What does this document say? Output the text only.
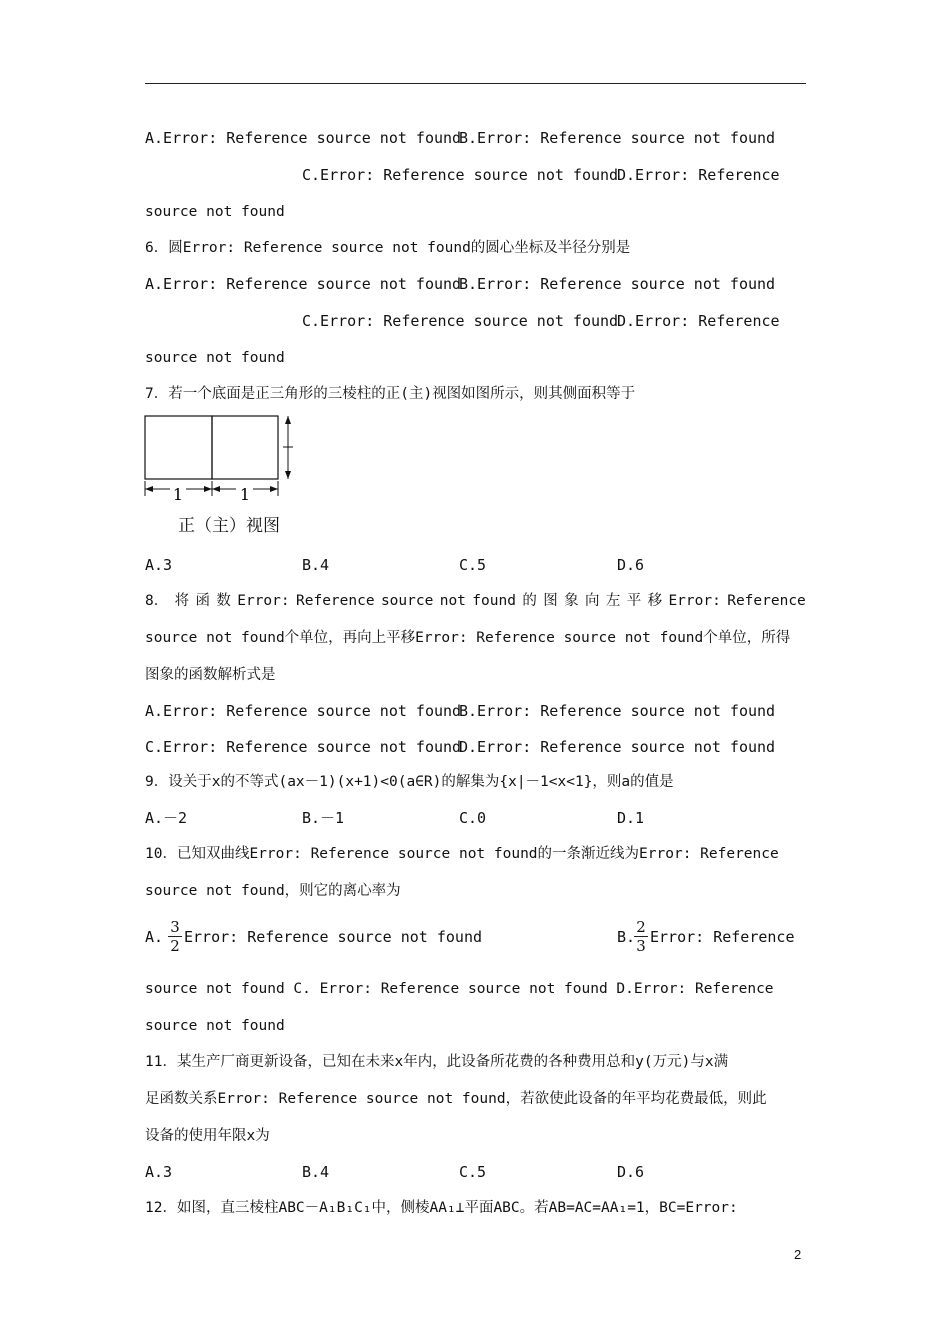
A.Error: Reference source not found
B.Error: Reference source not found
C.Error: Reference source not found
D.Error: Reference
source not found
6．圆Error: Reference source not found的圆心坐标及半径分别是
A.Error: Reference source not found
B.Error: Reference source not found
C.Error: Reference source not found
D.Error: Reference
source not found
7．若一个底面是正三角形的三棱柱的正(主)视图如图所示，则其侧面积等于
1	1
正（主）视图
A.3	B.4	C.5	D.6
8． 将 函 数 Error: Reference source not found 的 图 象 向 左 平 移 Error: Reference
source not found个单位，再向上平移Error: Reference source not found个单位，所得
图象的函数解析式是
A.Error: Reference source not found
B.Error: Reference source not found
C.Error: Reference source not found
D.Error: Reference source not found
9．设关于x的不等式(ax－1)(x+1)<0(a∈R)的解集为{x|－1<x<1}，则a的值是
A.－2	B.－1	C.0	D.1
10．已知双曲线Error: Reference source not found的一条渐近线为Error: Reference
source not found，则它的离心率为
A. $\frac{3}{2}$ Error: Reference source not found	B.
$\frac{2}{3}$ Error: Reference
source not found C. Error: Reference source not found D.Error: Reference
source not found
11．某生产厂商更新设备，已知在未来x年内，此设备所花费的各种费用总和y(万元)与x满
足函数关系Error: Reference source not found，若欲使此设备的年平均花费最低，则此
设备的使用年限x为
A.3	B.4	C.5	D.6
12．如图，直三棱柱ABC－A₁B₁C₁中，侧棱AA₁⊥平面ABC。若AB=AC=AA₁=1，BC=Error:
2
